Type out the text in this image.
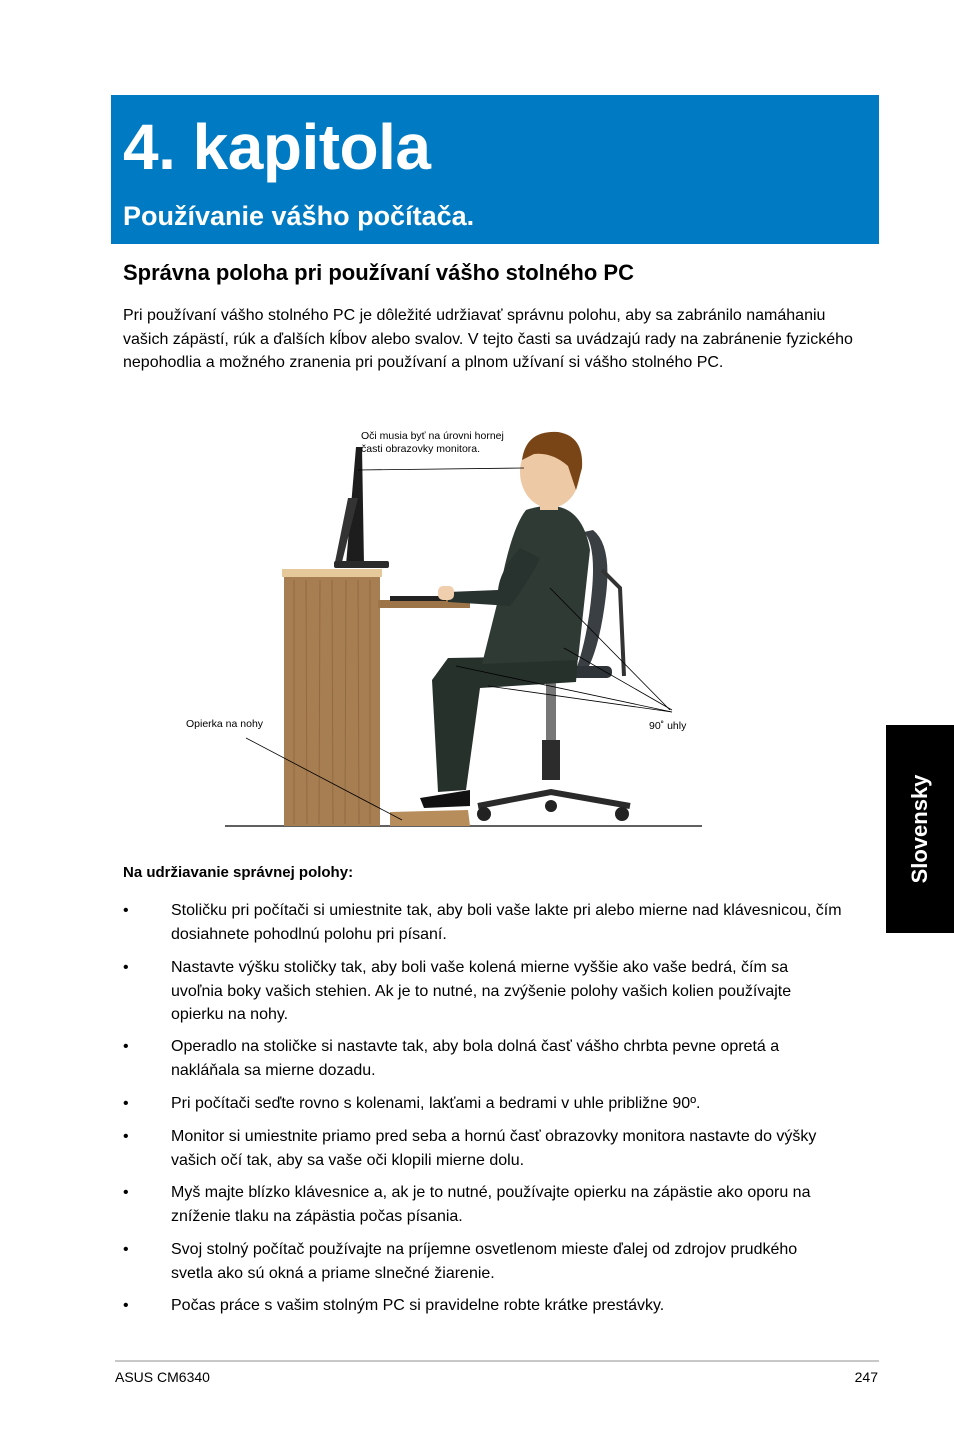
4. kapitola
Používanie vášho počítača.
Správna poloha pri používaní vášho stolného PC

Pri používaní vášho stolného PC je dôležité udržiavať správnu polohu, aby sa zabránilo namáhaniu vašich zápästí, rúk a ďalších kĺbov alebo svalov. V tejto časti sa uvádzajú rady na zabránenie fyzického nepohodlia a možného zranenia pri používaní a plnom užívaní si vášho stolného PC.

Oči musia byť na úrovni hornej
časti obrazovky monitora.
Opierka na nohy	90˚ uhly
Na udržiavanie správnej polohy:
•	Stoličku pri počítači si umiestnite tak, aby boli vaše lakte pri alebo mierne nad klávesnicou, čím dosiahnete pohodlnú polohu pri písaní.
•	Nastavte výšku stoličky tak, aby boli vaše kolená mierne vyššie ako vaše bedrá, čím sa uvoľnia boky vašich stehien. Ak je to nutné, na zvýšenie polohy vašich kolien používajte opierku na nohy.
•	Operadlo na stoličke si nastavte tak, aby bola dolná časť vášho chrbta pevne opretá a nakláňala sa mierne dozadu.
•	Pri počítači seďte rovno s kolenami, lakťami a bedrami v uhle približne 90º.
•	Monitor si umiestnite priamo pred seba a hornú časť obrazovky monitora nastavte do výšky vašich očí tak, aby sa vaše oči klopili mierne dolu.
•	Myš majte blízko klávesnice a, ak je to nutné, používajte opierku na zápästie ako oporu na zníženie tlaku na zápästia počas písania.
•	Svoj stolný počítač používajte na príjemne osvetlenom mieste ďalej od zdrojov prudkého svetla ako sú okná a priame slnečné žiarenie.
•	Počas práce s vašim stolným PC si pravidelne robte krátke prestávky.
Slovensky
ASUS CM6340	247
